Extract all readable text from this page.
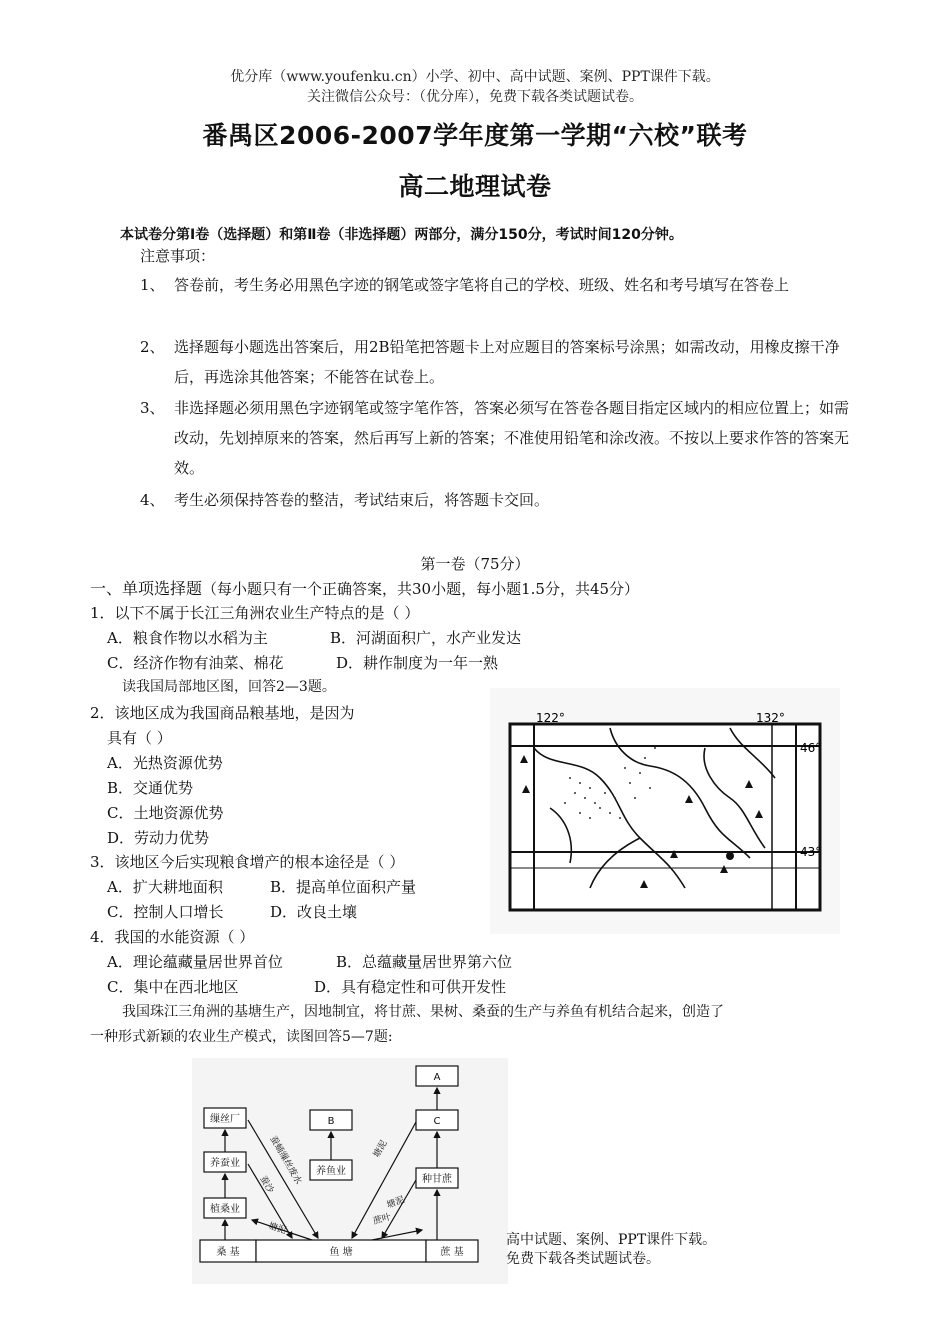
优分库（www.youfenku.cn）小学、初中、高中试题、案例、PPT课件下载。
关注微信公众号：（优分库），免费下载各类试题试卷。
番禺区2006-2007学年度第一学期“六校”联考
高二地理试卷
本试卷分第Ⅰ卷（选择题）和第Ⅱ卷（非选择题）两部分，满分150分，考试时间120分钟。
注意事项：
1、 答卷前，考生务必用黑色字迹的钢笔或签字笔将自己的学校、班级、姓名和考号填写在答卷上
2、 选择题每小题选出答案后，用2B铅笔把答题卡上对应题目的答案标号涂黑；如需改动，用橡皮擦干净后，再选涂其他答案；不能答在试卷上。
3、 非选择题必须用黑色字迹钢笔或签字笔作答，答案必须写在答卷各题目指定区域内的相应位置上；如需改动，先划掉原来的答案，然后再写上新的答案；不准使用铅笔和涂改液。不按以上要求作答的答案无效。
4、 考生必须保持答卷的整洁，考试结束后，将答题卡交回。
第一卷（75分）
一、单项选择题（每小题只有一个正确答案，共30小题，每小题1.5分，共45分）
1．以下不属于长江三角洲农业生产特点的是（ ）
A．粮食作物以水稻为主	B．河湖面积广，水产业发达
C．经济作物有油菜、棉花	D．耕作制度为一年一熟
读我国局部地区图，回答2—3题。
2．该地区成为我国商品粮基地，是因为
具有（ ）
A．光热资源优势
B．交通优势
C．土地资源优势
D．劳动力优势
3．该地区今后实现粮食增产的根本途径是（ ）
A．扩大耕地面积	B．提高单位面积产量
C．控制人口增长	D．改良土壤
4．我国的水能资源（ ）
A．理论蕴藏量居世界首位	B．总蕴藏量居世界第六位
C．集中在西北地区	D．具有稳定性和可供开发性
我国珠江三角洲的基塘生产，因地制宜，将甘蔗、果树、桑蚕的生产与养鱼有机结合起来，创造了
一种形式新颖的农业生产模式，读图回答5—7题:
122°	132°
46°
43°
缫丝厂
养蚕业
植桑业
B
养鱼业
A
C
种甘蔗
桑 基	鱼 塘	蔗 基
蚕蛹缫丝废水
蚕沙
塘泥
塘泥
蔗叶
塘泥
高中试题、案例、PPT课件下载。
免费下载各类试题试卷。
